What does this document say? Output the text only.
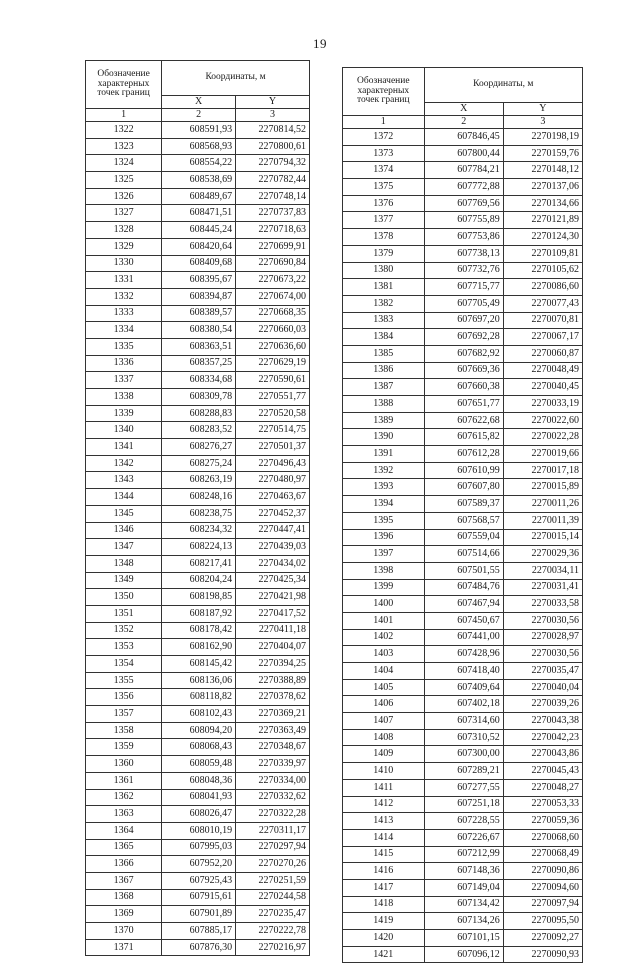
19
Обозначение характерных точек границ	Координаты, м	
	X	Y
1	2	3
1322	608591,93	2270814,52
1323	608568,93	2270800,61
1324	608554,22	2270794,32
1325	608538,69	2270782,44
1326	608489,67	2270748,14
1327	608471,51	2270737,83
1328	608445,24	2270718,63
1329	608420,64	2270699,91
1330	608409,68	2270690,84
1331	608395,67	2270673,22
1332	608394,87	2270674,00
1333	608389,57	2270668,35
1334	608380,54	2270660,03
1335	608363,51	2270636,60
1336	608357,25	2270629,19
1337	608334,68	2270590,61
1338	608309,78	2270551,77
1339	608288,83	2270520,58
1340	608283,52	2270514,75
1341	608276,27	2270501,37
1342	608275,24	2270496,43
1343	608263,19	2270480,97
1344	608248,16	2270463,67
1345	608238,75	2270452,37
1346	608234,32	2270447,41
1347	608224,13	2270439,03
1348	608217,41	2270434,02
1349	608204,24	2270425,34
1350	608198,85	2270421,98
1351	608187,92	2270417,52
1352	608178,42	2270411,18
1353	608162,90	2270404,07
1354	608145,42	2270394,25
1355	608136,06	2270388,89
1356	608118,82	2270378,62
1357	608102,43	2270369,21
1358	608094,20	2270363,49
1359	608068,43	2270348,67
1360	608059,48	2270339,97
1361	608048,36	2270334,00
1362	608041,93	2270332,62
1363	608026,47	2270322,28
1364	608010,19	2270311,17
1365	607995,03	2270297,94
1366	607952,20	2270270,26
1367	607925,43	2270251,59
1368	607915,61	2270244,58
1369	607901,89	2270235,47
1370	607885,17	2270222,78
1371	607876,30	2270216,97
Обозначение характерных точек границ	Координаты, м	
	X	Y
1	2	3
1372	607846,45	2270198,19
1373	607800,44	2270159,76
1374	607784,21	2270148,12
1375	607772,88	2270137,06
1376	607769,56	2270134,66
1377	607755,89	2270121,89
1378	607753,86	2270124,30
1379	607738,13	2270109,81
1380	607732,76	2270105,62
1381	607715,77	2270086,60
1382	607705,49	2270077,43
1383	607697,20	2270070,81
1384	607692,28	2270067,17
1385	607682,92	2270060,87
1386	607669,36	2270048,49
1387	607660,38	2270040,45
1388	607651,77	2270033,19
1389	607622,68	2270022,60
1390	607615,82	2270022,28
1391	607612,28	2270019,66
1392	607610,99	2270017,18
1393	607607,80	2270015,89
1394	607589,37	2270011,26
1395	607568,57	2270011,39
1396	607559,04	2270015,14
1397	607514,66	2270029,36
1398	607501,55	2270034,11
1399	607484,76	2270031,41
1400	607467,94	2270033,58
1401	607450,67	2270030,56
1402	607441,00	2270028,97
1403	607428,96	2270030,56
1404	607418,40	2270035,47
1405	607409,64	2270040,04
1406	607402,18	2270039,26
1407	607314,60	2270043,38
1408	607310,52	2270042,23
1409	607300,00	2270043,86
1410	607289,21	2270045,43
1411	607277,55	2270048,27
1412	607251,18	2270053,33
1413	607228,55	2270059,36
1414	607226,67	2270068,60
1415	607212,99	2270068,49
1416	607148,36	2270090,86
1417	607149,04	2270094,60
1418	607134,42	2270097,94
1419	607134,26	2270095,50
1420	607101,15	2270092,27
1421	607096,12	2270090,93
